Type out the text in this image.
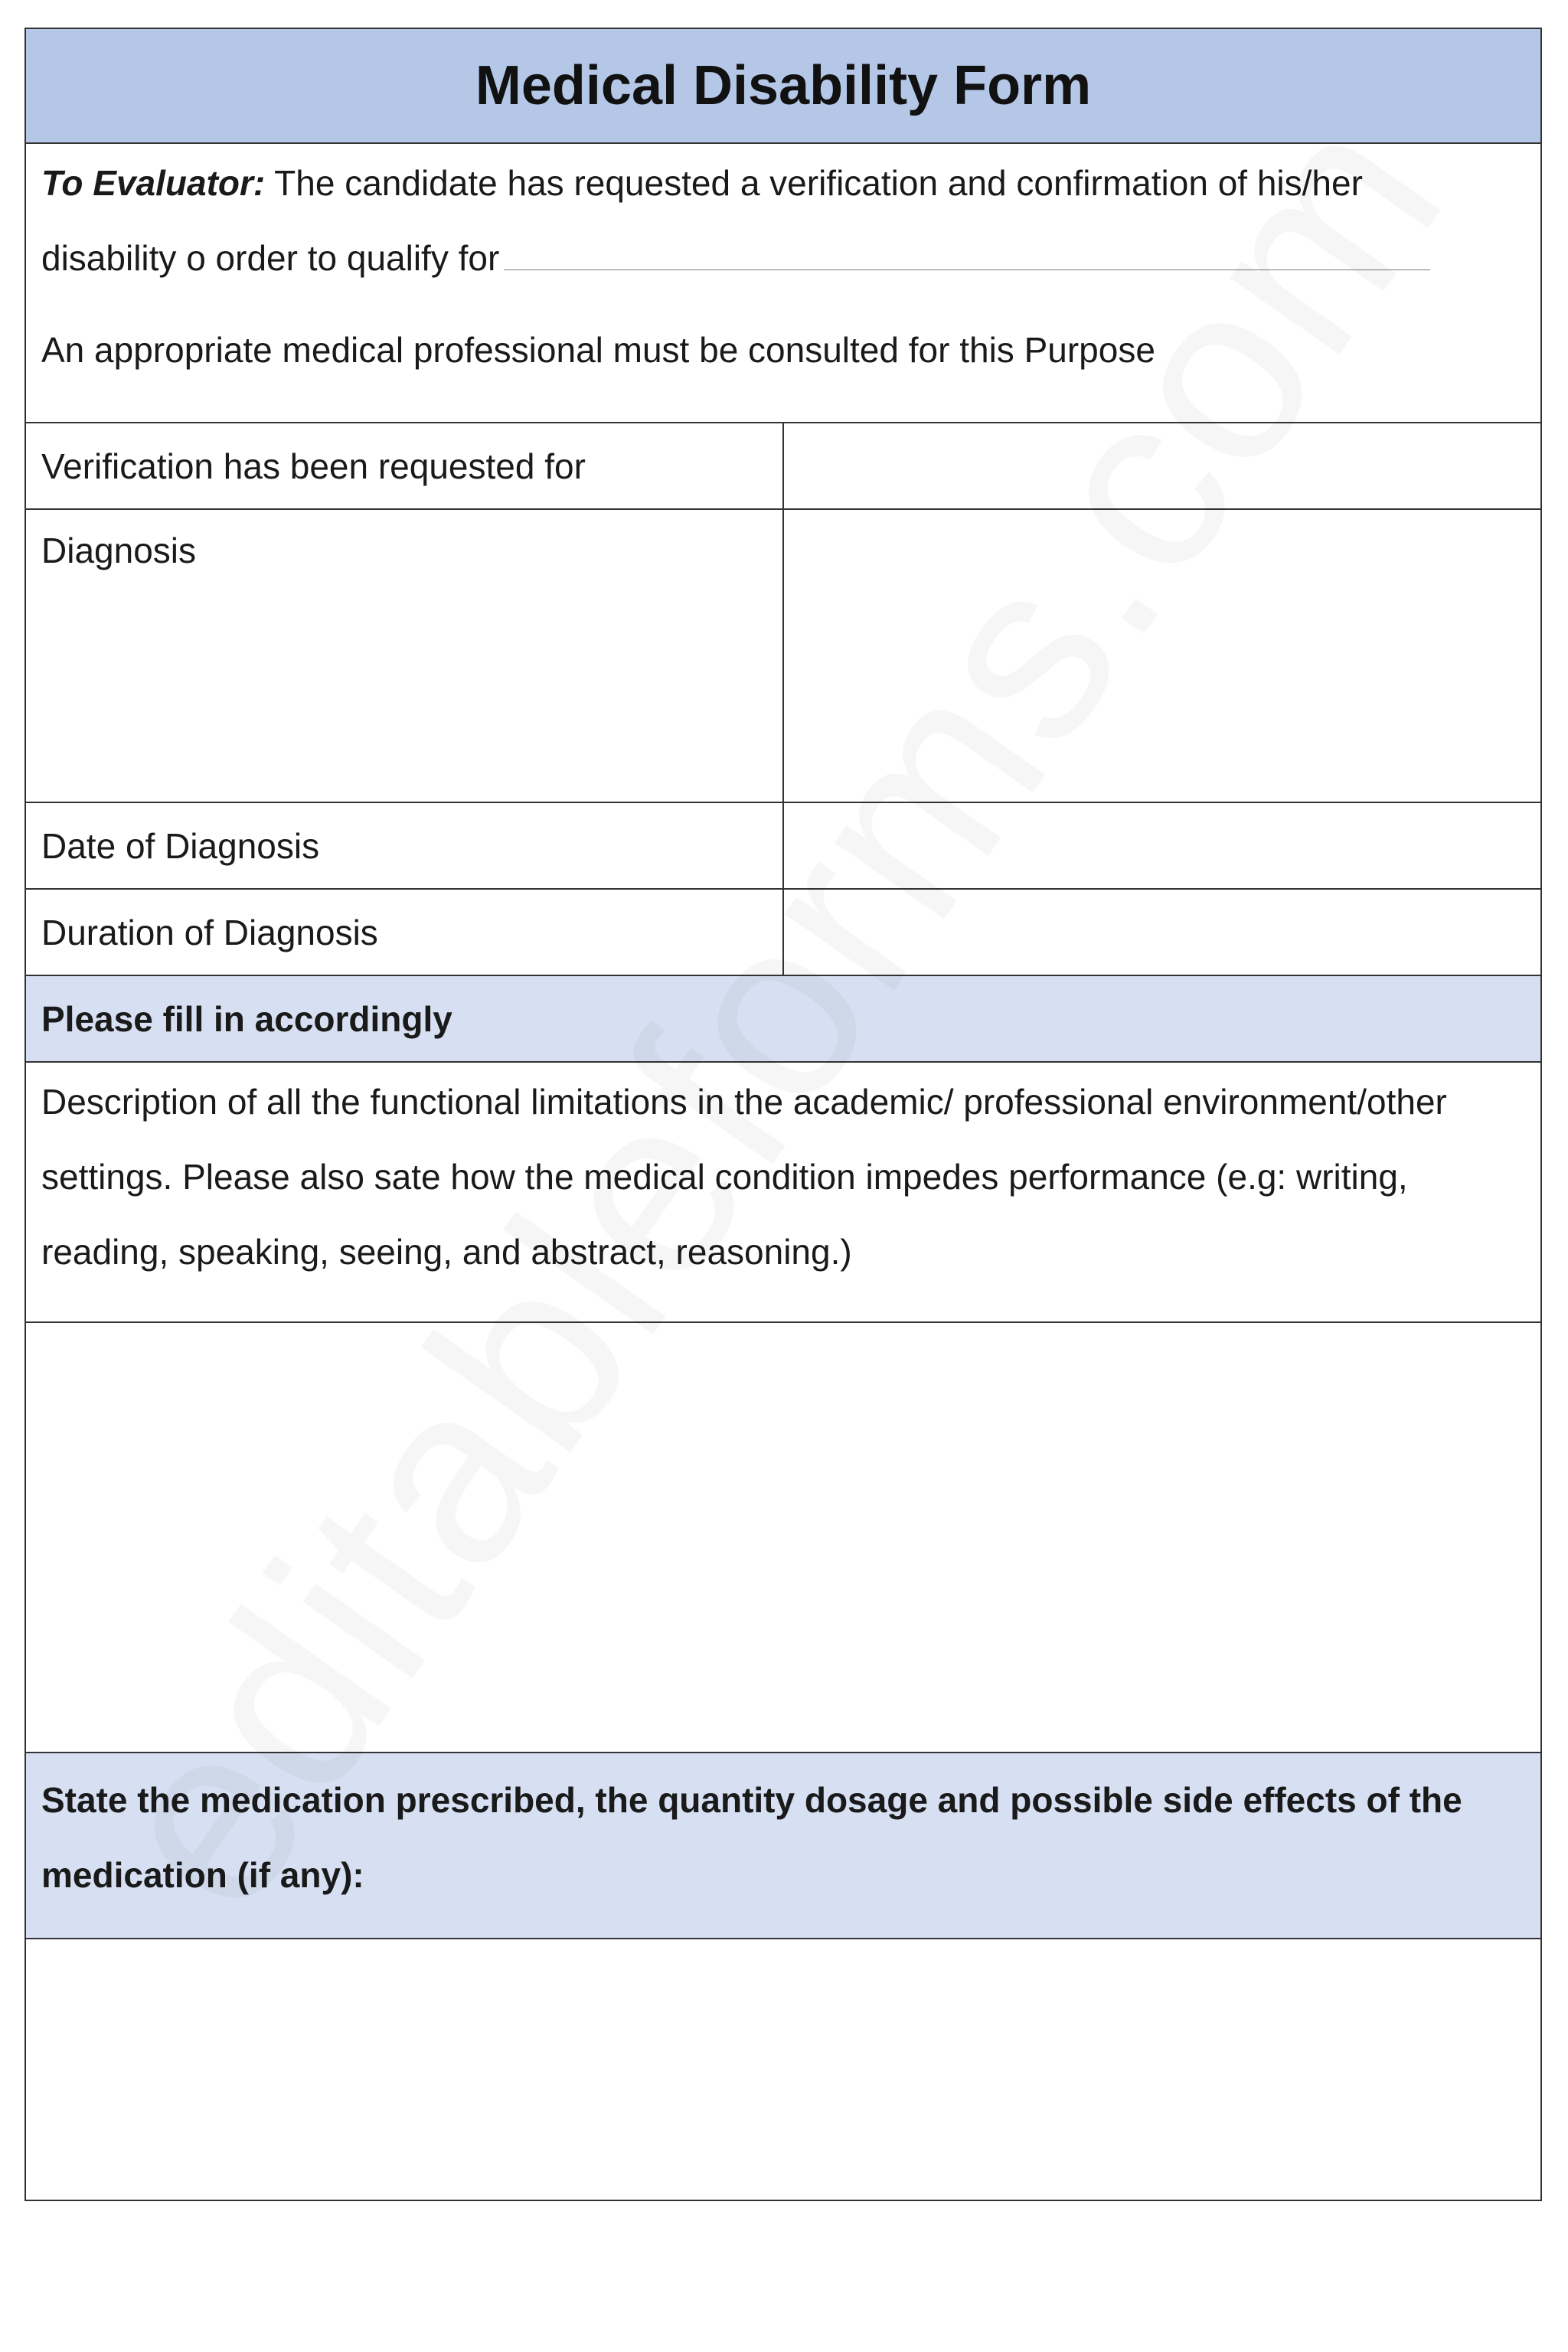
Medical Disability Form

To Evaluator: The candidate has requested a verification and confirmation of his/her

disability o order to qualify for

An appropriate medical professional must be consulted for this Purpose

Verification has been requested for
Diagnosis
Date of Diagnosis
Duration of Diagnosis
Please fill in accordingly

Description of all the functional limitations in the academic/ professional environment/other settings. Please also sate how the medical condition impedes performance (e.g: writing, reading, speaking, seeing, and abstract, reasoning.)

State the medication prescribed, the quantity dosage and possible side effects of the medication (if any):
